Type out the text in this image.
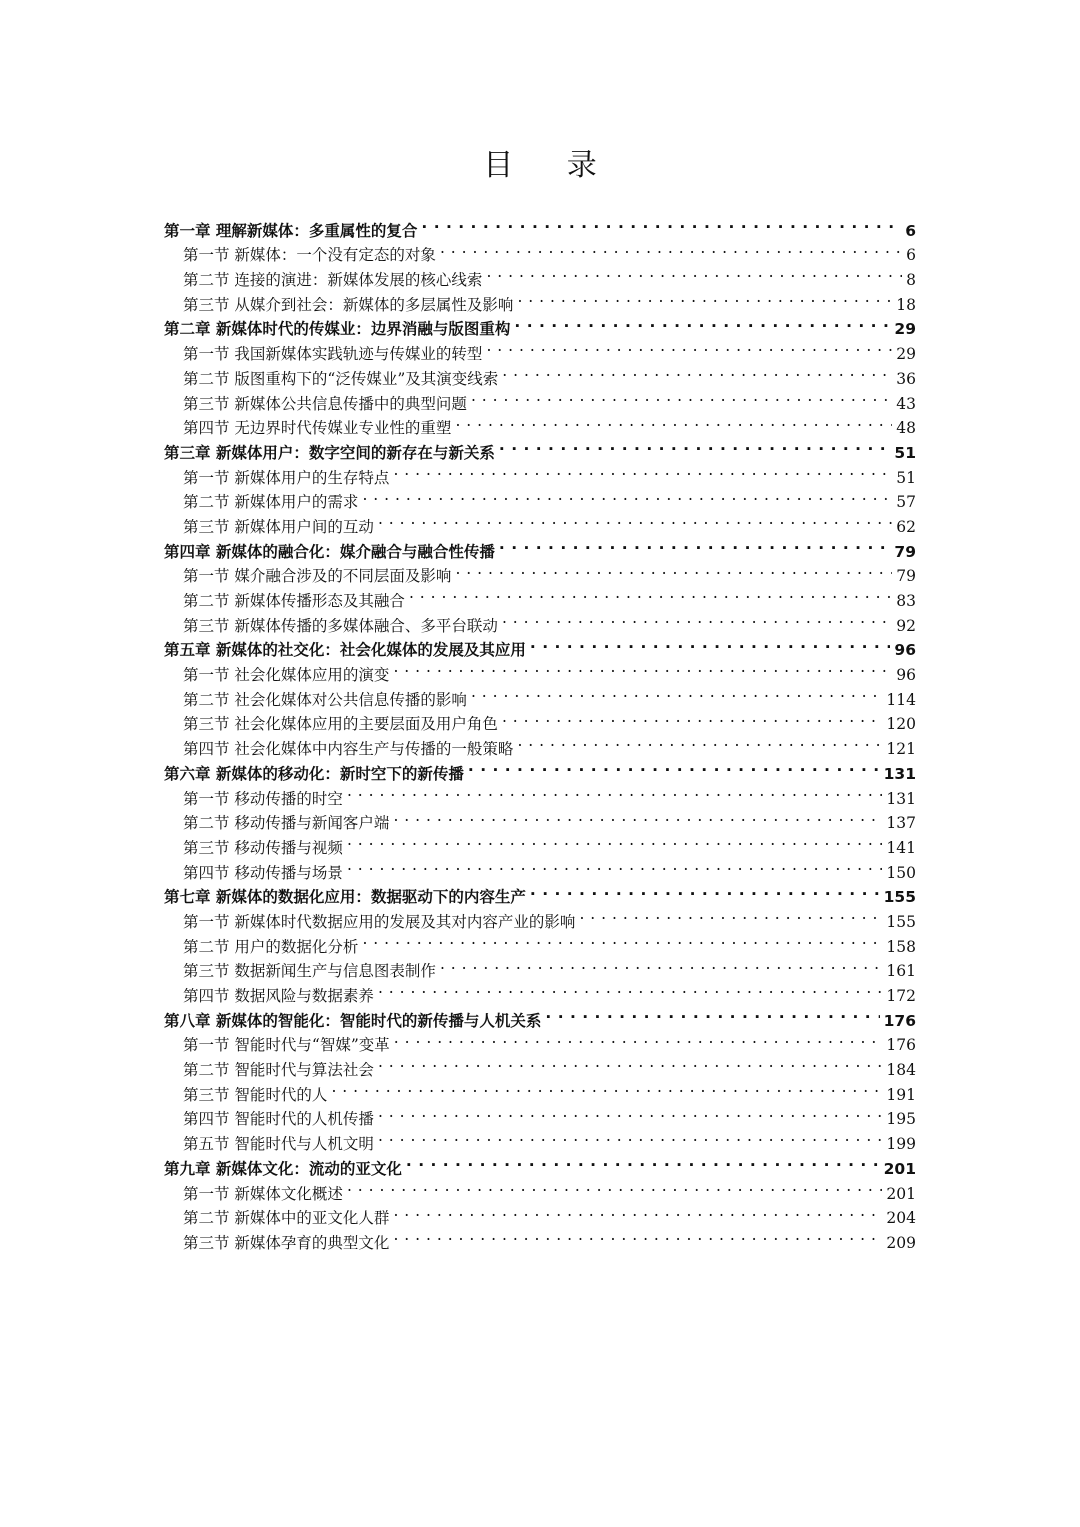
目 录
第一章 理解新媒体：多重属性的复合 . . .	6
第一节 新媒体：一个没有定态的对象 . . .	6
第二节 连接的演进：新媒体发展的核心线索 . . .	8
第三节 从媒介到社会：新媒体的多层属性及影响 . . .	18
第二章 新媒体时代的传媒业：边界消融与版图重构 . . .	29
第一节 我国新媒体实践轨迹与传媒业的转型 . . .	29
第二节 版图重构下的“泛传媒业”及其演变线索 . . .	36
第三节 新媒体公共信息传播中的典型问题 . . .	43
第四节 无边界时代传媒业专业性的重塑 . . .	48
第三章 新媒体用户：数字空间的新存在与新关系 . . .	51
第一节 新媒体用户的生存特点 . . .	51
第二节 新媒体用户的需求 . . .	57
第三节 新媒体用户间的互动 . . .	62
第四章 新媒体的融合化：媒介融合与融合性传播 . . .	79
第一节 媒介融合涉及的不同层面及影响 . . .	79
第二节 新媒体传播形态及其融合 . . .	83
第三节 新媒体传播的多媒体融合、多平台联动 . . .	92
第五章 新媒体的社交化：社会化媒体的发展及其应用 . . .	96
第一节 社会化媒体应用的演变 . . .	96
第二节 社会化媒体对公共信息传播的影响 . . .	114
第三节 社会化媒体应用的主要层面及用户角色 . . .	120
第四节 社会化媒体中内容生产与传播的一般策略 . . .	121
第六章 新媒体的移动化：新时空下的新传播 . . .	131
第一节 移动传播的时空 . . .	131
第二节 移动传播与新闻客户端 . . .	137
第三节 移动传播与视频 . . .	141
第四节 移动传播与场景 . . .	150
第七章 新媒体的数据化应用：数据驱动下的内容生产 . . .	155
第一节 新媒体时代数据应用的发展及其对内容产业的影响 . . .	155
第二节 用户的数据化分析 . . .	158
第三节 数据新闻生产与信息图表制作 . . .	161
第四节 数据风险与数据素养 . . .	172
第八章 新媒体的智能化：智能时代的新传播与人机关系 . . .	176
第一节 智能时代与“智媒”变革 . . .	176
第二节 智能时代与算法社会 . . .	184
第三节 智能时代的人 . . .	191
第四节 智能时代的人机传播 . . .	195
第五节 智能时代与人机文明 . . .	199
第九章 新媒体文化：流动的亚文化 . . .	201
第一节 新媒体文化概述 . . .	201
第二节 新媒体中的亚文化人群 . . .	204
第三节 新媒体孕育的典型文化 . . .	209
